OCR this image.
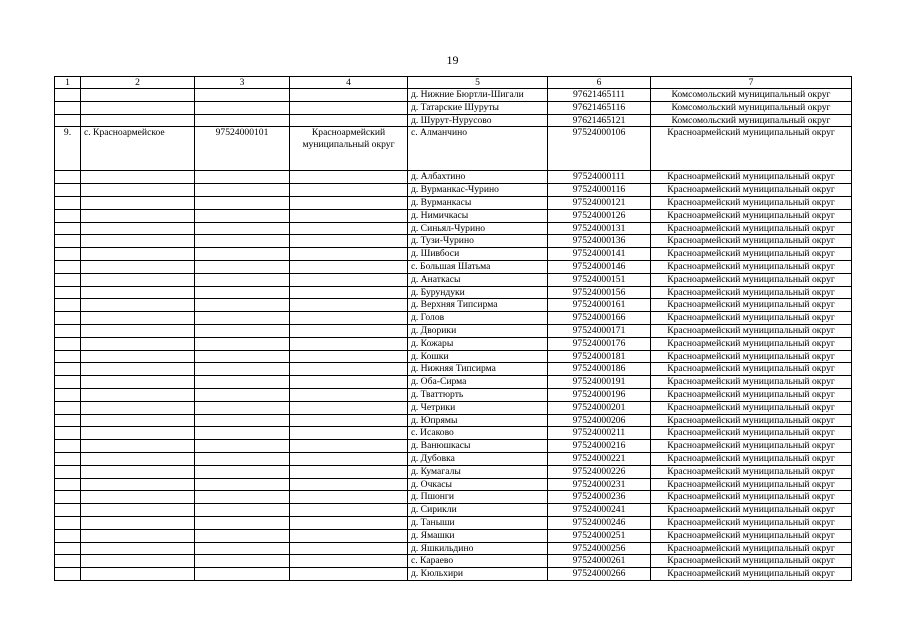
19
1	2	3	4	5	6	7
				д. Нижние Бюртли-Шигали	97621465111	Комсомольский муниципальный округ
				д. Татарские Шуруты	97621465116	Комсомольский муниципальный округ
				д. Шурут-Нурусово	97621465121	Комсомольский муниципальный округ
9.	с. Красноармейское	97524000101	Красноармейский муниципальный округ	с. Алманчино	97524000106	Красноармейский муниципальный округ
				д. Албахтино	97524000111	Красноармейский муниципальный округ
				д. Вурманкас-Чурино	97524000116	Красноармейский муниципальный округ
				д. Вурманкасы	97524000121	Красноармейский муниципальный округ
				д. Нимичкасы	97524000126	Красноармейский муниципальный округ
				д. Синьял-Чурино	97524000131	Красноармейский муниципальный округ
				д. Тузи-Чурино	97524000136	Красноармейский муниципальный округ
				д. Шивбоси	97524000141	Красноармейский муниципальный округ
				с. Большая Шатьма	97524000146	Красноармейский муниципальный округ
				д. Анаткасы	97524000151	Красноармейский муниципальный округ
				д. Бурундуки	97524000156	Красноармейский муниципальный округ
				д. Верхняя Типсирма	97524000161	Красноармейский муниципальный округ
				д. Голов	97524000166	Красноармейский муниципальный округ
				д. Дворики	97524000171	Красноармейский муниципальный округ
				д. Кожары	97524000176	Красноармейский муниципальный округ
				д. Кошки	97524000181	Красноармейский муниципальный округ
				д. Нижняя Типсирма	97524000186	Красноармейский муниципальный округ
				д. Оба-Сирма	97524000191	Красноармейский муниципальный округ
				д. Тваттюрть	97524000196	Красноармейский муниципальный округ
				д. Четрики	97524000201	Красноармейский муниципальный округ
				д. Юпрямы	97524000206	Красноармейский муниципальный округ
				с. Исаково	97524000211	Красноармейский муниципальный округ
				д. Ванюшкасы	97524000216	Красноармейский муниципальный округ
				д. Дубовка	97524000221	Красноармейский муниципальный округ
				д. Кумагалы	97524000226	Красноармейский муниципальный округ
				д. Очкасы	97524000231	Красноармейский муниципальный округ
				д. Пшонги	97524000236	Красноармейский муниципальный округ
				д. Сирикли	97524000241	Красноармейский муниципальный округ
				д. Таныши	97524000246	Красноармейский муниципальный округ
				д. Ямашки	97524000251	Красноармейский муниципальный округ
				д. Яшкильдино	97524000256	Красноармейский муниципальный округ
				с. Караево	97524000261	Красноармейский муниципальный округ
				д. Кюльхири	97524000266	Красноармейский муниципальный округ
